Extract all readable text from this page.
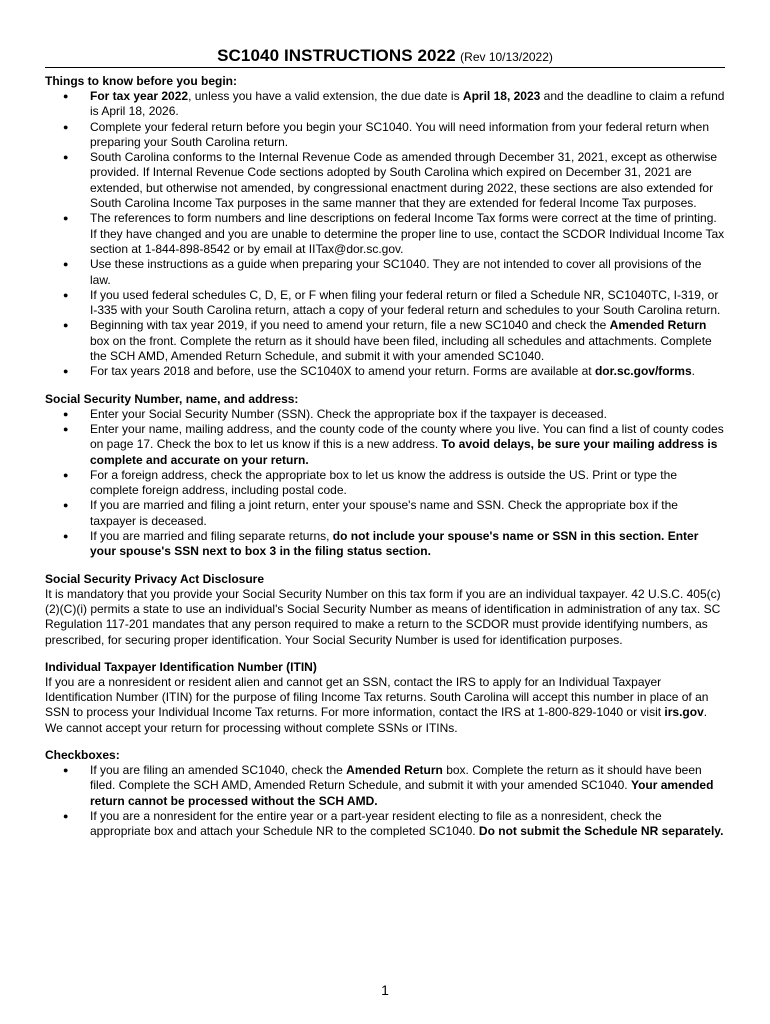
SC1040 INSTRUCTIONS 2022 (Rev 10/13/2022)
Things to know before you begin:
● For tax year 2022, unless you have a valid extension, the due date is April 18, 2023 and the deadline to claim a refund is April 18, 2026.
● Complete your federal return before you begin your SC1040. You will need information from your federal return when preparing your South Carolina return.
● South Carolina conforms to the Internal Revenue Code as amended through December 31, 2021, except as otherwise provided. If Internal Revenue Code sections adopted by South Carolina which expired on December 31, 2021 are extended, but otherwise not amended, by congressional enactment during 2022, these sections are also extended for South Carolina Income Tax purposes in the same manner that they are extended for federal Income Tax purposes.
● The references to form numbers and line descriptions on federal Income Tax forms were correct at the time of printing. If they have changed and you are unable to determine the proper line to use, contact the SCDOR Individual Income Tax section at 1-844-898-8542 or by email at IITax@dor.sc.gov.
● Use these instructions as a guide when preparing your SC1040. They are not intended to cover all provisions of the law.
● If you used federal schedules C, D, E, or F when filing your federal return or filed a Schedule NR, SC1040TC, I-319, or I-335 with your South Carolina return, attach a copy of your federal return and schedules to your South Carolina return.
● Beginning with tax year 2019, if you need to amend your return, file a new SC1040 and check the Amended Return box on the front. Complete the return as it should have been filed, including all schedules and attachments. Complete the SCH AMD, Amended Return Schedule, and submit it with your amended SC1040.
● For tax years 2018 and before, use the SC1040X to amend your return. Forms are available at dor.sc.gov/forms.
Social Security Number, name, and address:
● Enter your Social Security Number (SSN). Check the appropriate box if the taxpayer is deceased.
● Enter your name, mailing address, and the county code of the county where you live. You can find a list of county codes on page 17. Check the box to let us know if this is a new address. To avoid delays, be sure your mailing address is complete and accurate on your return.
● For a foreign address, check the appropriate box to let us know the address is outside the US. Print or type the complete foreign address, including postal code.
● If you are married and filing a joint return, enter your spouse's name and SSN. Check the appropriate box if the taxpayer is deceased.
● If you are married and filing separate returns, do not include your spouse's name or SSN in this section. Enter your spouse's SSN next to box 3 in the filing status section.
Social Security Privacy Act Disclosure

It is mandatory that you provide your Social Security Number on this tax form if you are an individual taxpayer. 42 U.S.C. 405(c)(2)(C)(i) permits a state to use an individual's Social Security Number as means of identification in administration of any tax. SC Regulation 117-201 mandates that any person required to make a return to the SCDOR must provide identifying numbers, as prescribed, for securing proper identification. Your Social Security Number is used for identification purposes.

Individual Taxpayer Identification Number (ITIN)

If you are a nonresident or resident alien and cannot get an SSN, contact the IRS to apply for an Individual Taxpayer Identification Number (ITIN) for the purpose of filing Income Tax returns. South Carolina will accept this number in place of an SSN to process your Individual Income Tax returns. For more information, contact the IRS at 1-800-829-1040 or visit irs.gov. We cannot accept your return for processing without complete SSNs or ITINs.

Checkboxes:
● If you are filing an amended SC1040, check the Amended Return box. Complete the return as it should have been filed. Complete the SCH AMD, Amended Return Schedule, and submit it with your amended SC1040. Your amended return cannot be processed without the SCH AMD.
● If you are a nonresident for the entire year or a part-year resident electing to file as a nonresident, check the appropriate box and attach your Schedule NR to the completed SC1040. Do not submit the Schedule NR separately.
1
